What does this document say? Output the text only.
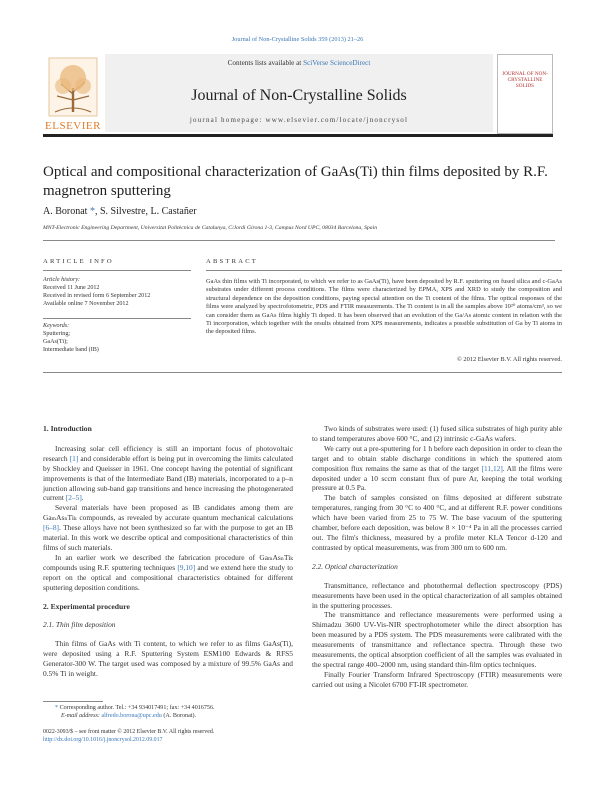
Journal of Non-Crystalline Solids 359 (2013) 21–26
ELSEVIER
Contents lists available at SciVerse ScienceDirect
Journal of Non-Crystalline Solids
journal homepage: www.elsevier.com/locate/jnoncrysol
JOURNAL OF NON-CRYSTALLINE SOLIDS
Optical and compositional characterization of GaAs(Ti) thin films deposited by R.F. magnetron sputtering
A. Boronat *, S. Silvestre, L. Castañer
MNT-Electronic Engineering Department, Universitat Politècnica de Catalunya, C/Jordi Girona 1-3, Campus Nord UPC, 08034 Barcelona, Spain
ARTICLE INFO
Article history:
Received 11 June 2012
Received in revised form 6 September 2012
Available online 7 November 2012
Keywords:
Sputtering;
GaAs(Ti);
Intermediate band (IB)
ABSTRACT
GaAs thin films with Ti incorporated, to which we refer to as GaAs(Ti), have been deposited by R.F. sputtering on fused silica and c-GaAs substrates under different process conditions. The films were characterized by EPMA, XPS and XRD to study the composition and structural dependence on the deposition conditions, paying special attention on the Ti content of the films. The optical responses of the films were analyzed by spectrofotometric, PDS and FTIR measurements. The Ti content is in all the samples above 10²⁰ atoms/cm³, so we can consider them as GaAs films highly Ti doped. It has been observed that an evolution of the Ga/As atomic content in relation with the Ti incorporation, which together with the results obtained from XPS measurements, indicates a possible substitution of Ga by Ti atoms in the deposited films.
© 2012 Elsevier B.V. All rights reserved.
1. Introduction

Increasing solar cell efficiency is still an important focus of photovoltaic research [1] and considerable effort is being put in overcoming the limits calculated by Shockley and Queisser in 1961. One concept having the potential of significant improvements is that of the Intermediate Band (IB) materials, incorporated to a p–n junction allowing sub-band gap transitions and hence increasing the photogenerated current [2–5].

Several materials have been proposed as IB candidates among them are GaₘAsₙTiₖ compounds, as revealed by accurate quantum mechanical calculations [6–8]. These alloys have not been synthesized so far with the purpose to get an IB material. In this work we describe optical and compositional characteristics of thin films of such materials.

In an earlier work we described the fabrication procedure of GaₘAsₙTiₖ compounds using R.F. sputtering techniques [9,10] and we extend here the study to report on the optical and compositional characteristics obtained for different sputtering deposition conditions.

2. Experimental procedure
2.1. Thin film deposition

Thin films of GaAs with Ti content, to which we refer to as films GaAs(Ti), were deposited using a R.F. Sputtering System ESM100 Edwards & RFS5 Generator-300 W. The target used was composed by a mixture of 99.5% GaAs and 0.5% Ti in weight.

* Corresponding author. Tel.: +34 934017491; fax: +34 4016756.
E-mail address: alfredo.borona@upc.edu (A. Boronat).
0022-3093/$ – see front matter © 2012 Elsevier B.V. All rights reserved.
http://dx.doi.org/10.1016/j.jnoncrysol.2012.09.017

Two kinds of substrates were used: (1) fused silica substrates of high purity able to stand temperatures above 600 °C, and (2) intrinsic c-GaAs wafers.

We carry out a pre-sputtering for 1 h before each deposition in order to clean the target and to obtain stable discharge conditions in which the sputtered atom composition flux remains the same as that of the target [11,12]. All the films were deposited under a 10 sccm constant flux of pure Ar, keeping the total working pressure at 0.5 Pa.

The batch of samples consisted on films deposited at different substrate temperatures, ranging from 30 °C to 400 °C, and at different R.F. power conditions which have been varied from 25 to 75 W. The base vacuum of the sputtering chamber, before each deposition, was below 8 × 10⁻⁴ Pa in all the processes carried out. The film's thickness, measured by a profile meter KLA Tencor d-120 and contrasted by optical measurements, was from 300 nm to 600 nm.

2.2. Optical characterization

Transmittance, reflectance and photothermal deflection spectroscopy (PDS) measurements have been used in the optical characterization of all samples obtained in the sputtering processes.

The transmittance and reflectance measurements were performed using a Shimadzu 3600 UV-Vis-NIR spectrophotometer while the direct absorption has been measured by a PDS system. The PDS measurements were calibrated with the measurements of transmittance and reflectance spectra. Through these two measurements, the optical absorption coefficient of all the samples was evaluated in the spectral range 400–2000 nm, using standard thin-film optics techniques.

Finally Fourier Transform Infrared Spectroscopy (FTIR) measurements were carried out using a Nicolet 6700 FT-IR spectrometer.
